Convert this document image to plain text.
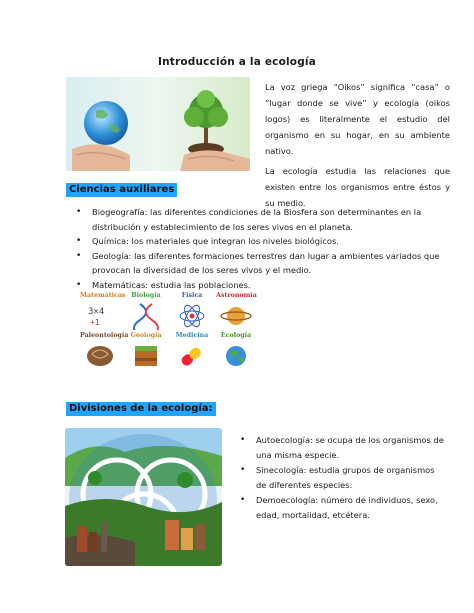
Introducción a la ecología

La voz griega “Oikos” significa “casa” o “lugar donde se vive” y ecología (oikos logos) es literalmente el estudio del organismo en su hogar, en su ambiente nativo.

La ecología estudia las relaciones que existen entre los organismos entre éstos y su medio.

Ciencias auxiliares
• Biogeografía: las diferentes condiciones de la Biosfera son determinantes en la distribución y establecimiento de los seres vivos en el planeta.
• Química: los materiales que integran los niveles biológicos.
• Geología: las diferentes formaciones terrestres dan lugar a ambientes variados que provocan la diversidad de los seres vivos y el medio.
• Matemáticas: estudia las poblaciones.
Matemáticas
3×4
+1
Biología	Física	Astronomía
Paleontología Geología	Medicina	Ecología
Divisiones de la ecología:
• Autoecología: se ocupa de los organismos de una misma especie.
• Sinecología: estudia grupos de organismos de diferentes especies.
• Demoecología: número de individuos, sexo, edad, mortalidad, etcétera.
